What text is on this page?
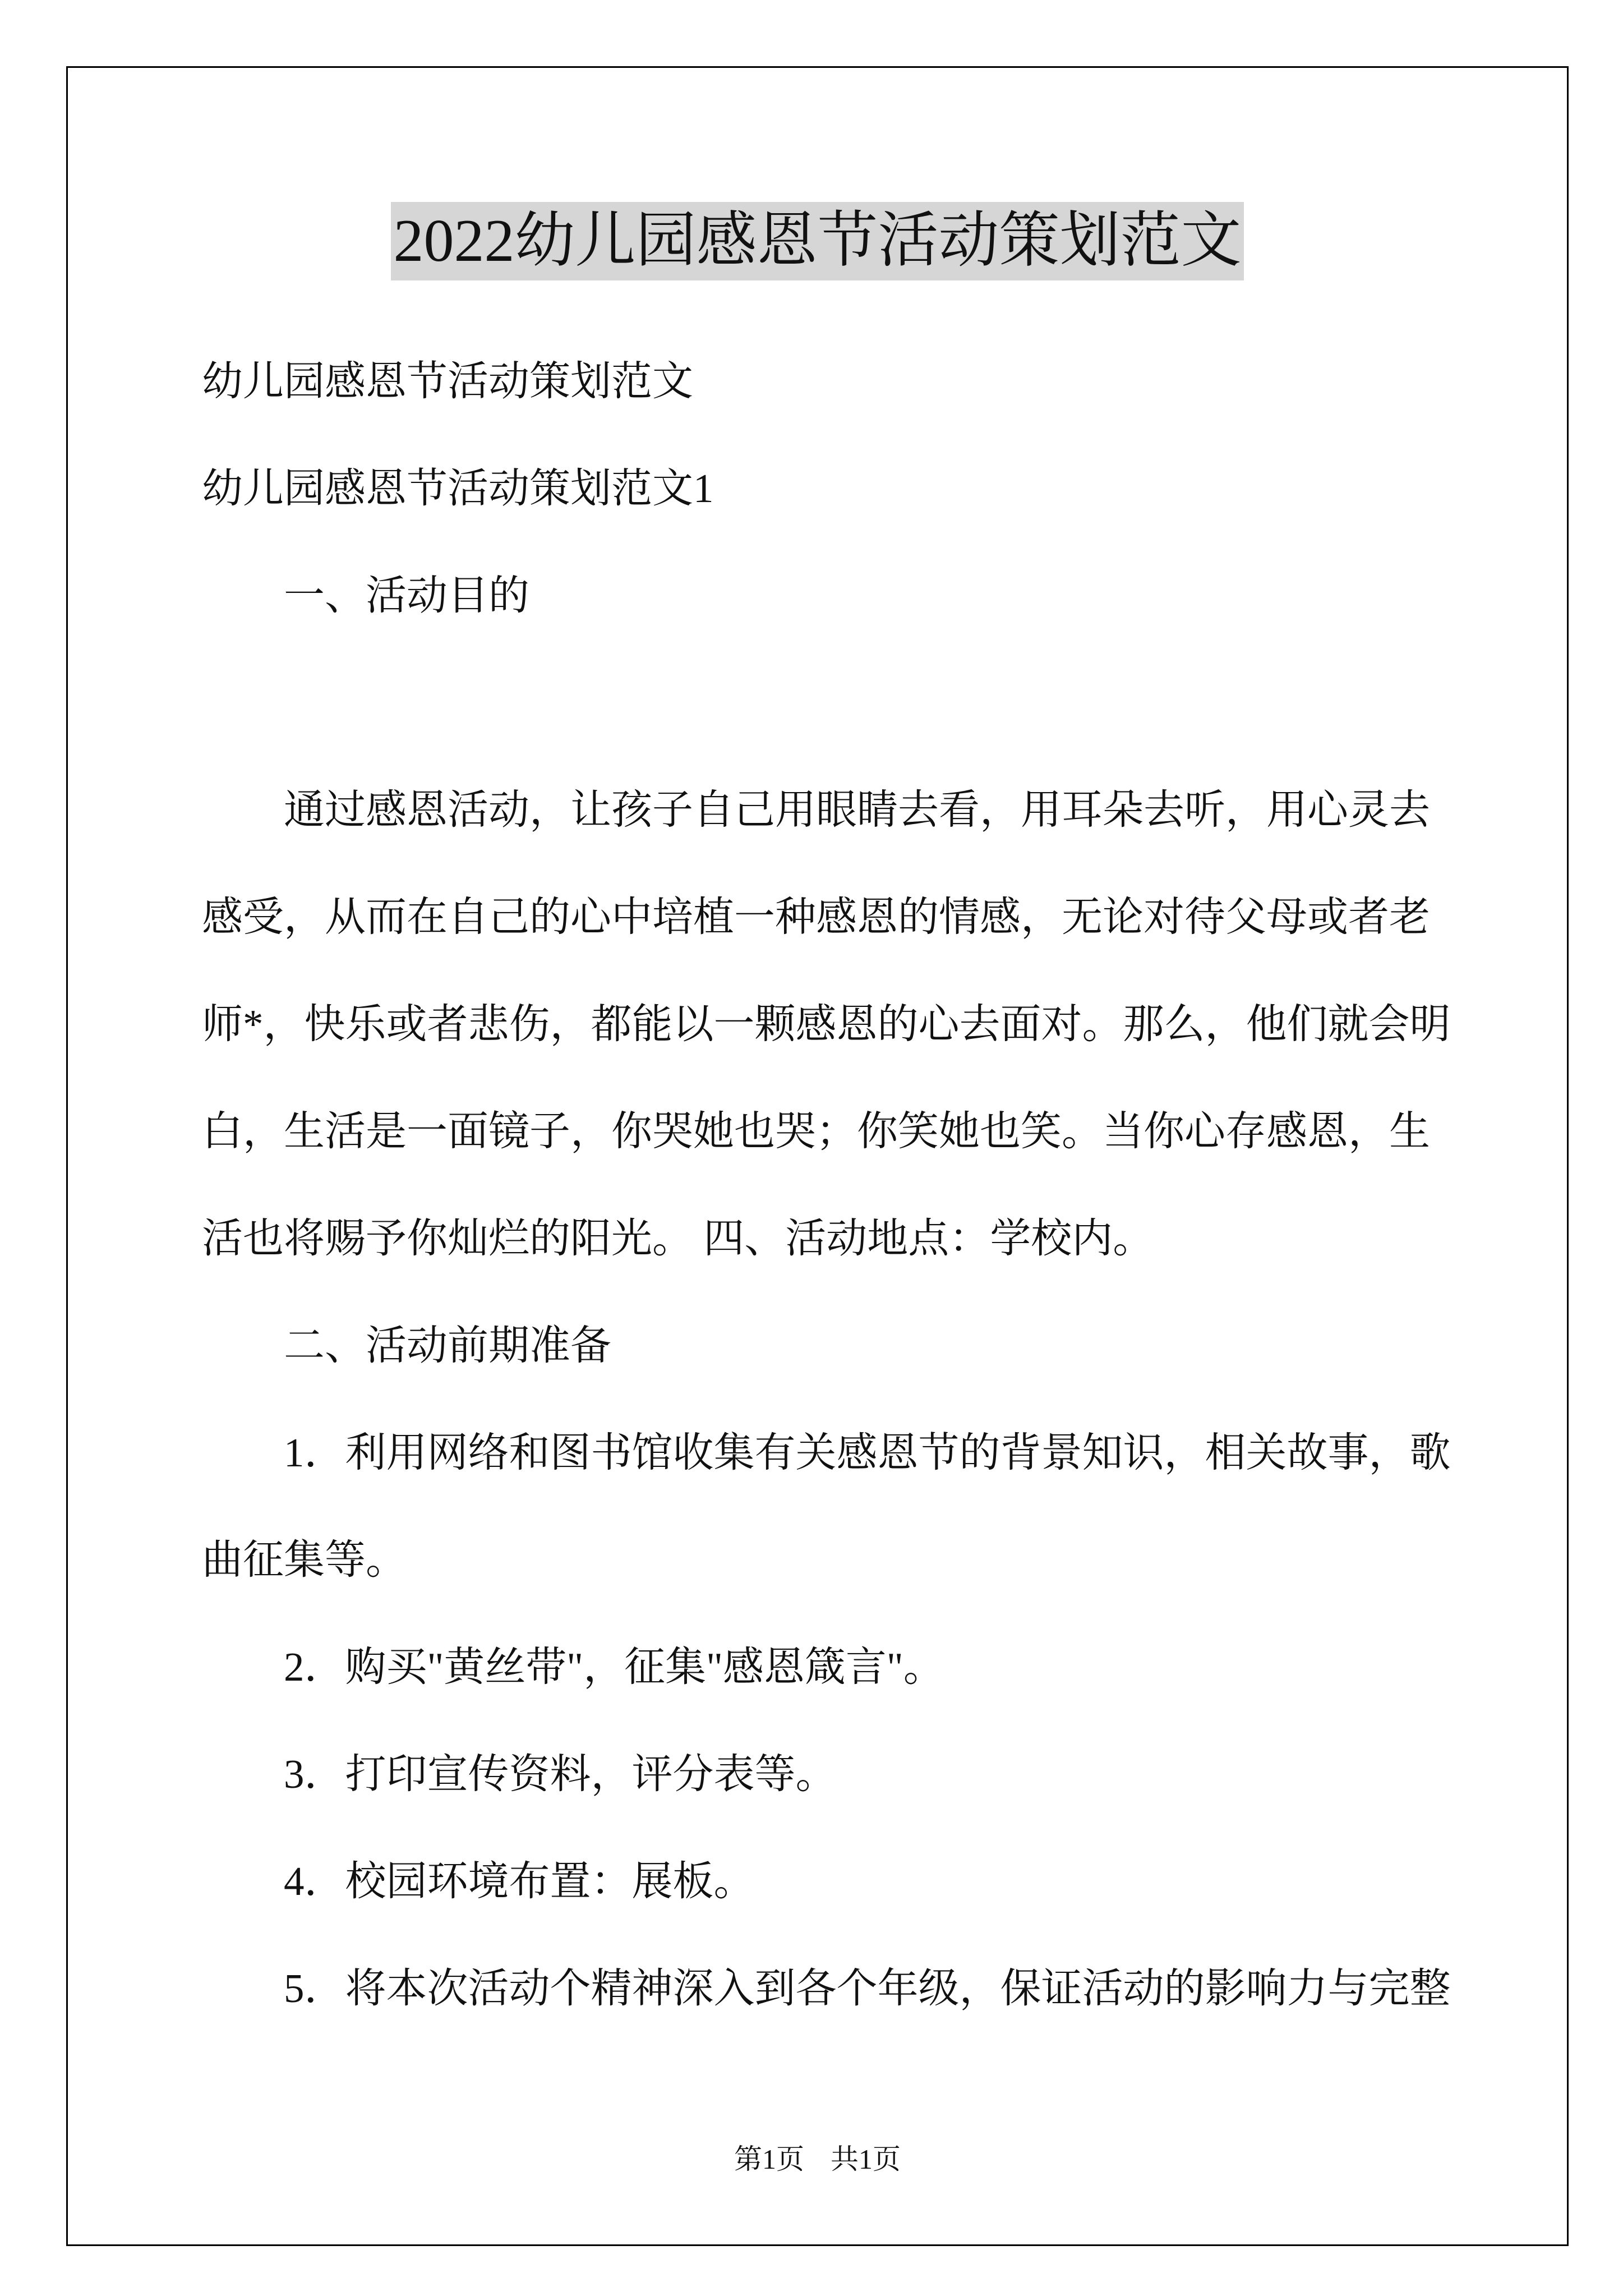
2022幼儿园感恩节活动策划范文
幼儿园感恩节活动策划范文
幼儿园感恩节活动策划范文1
一、活动目的
通过感恩活动，让孩子自己用眼睛去看，用耳朵去听，用心灵去
感受，从而在自己的心中培植一种感恩的情感，无论对待父母或者老
师*，快乐或者悲伤，都能以一颗感恩的心去面对。那么，他们就会明
白，生活是一面镜子，你哭她也哭；你笑她也笑。当你心存感恩，生
活也将赐予你灿烂的阳光。 四、活动地点：学校内。
二、活动前期准备
1．利用网络和图书馆收集有关感恩节的背景知识，相关故事，歌
曲征集等。
2．购买"黄丝带"，征集"感恩箴言"。
3．打印宣传资料，评分表等。
4．校园环境布置：展板。
5．将本次活动个精神深入到各个年级，保证活动的影响力与完整
第1页 共1页
